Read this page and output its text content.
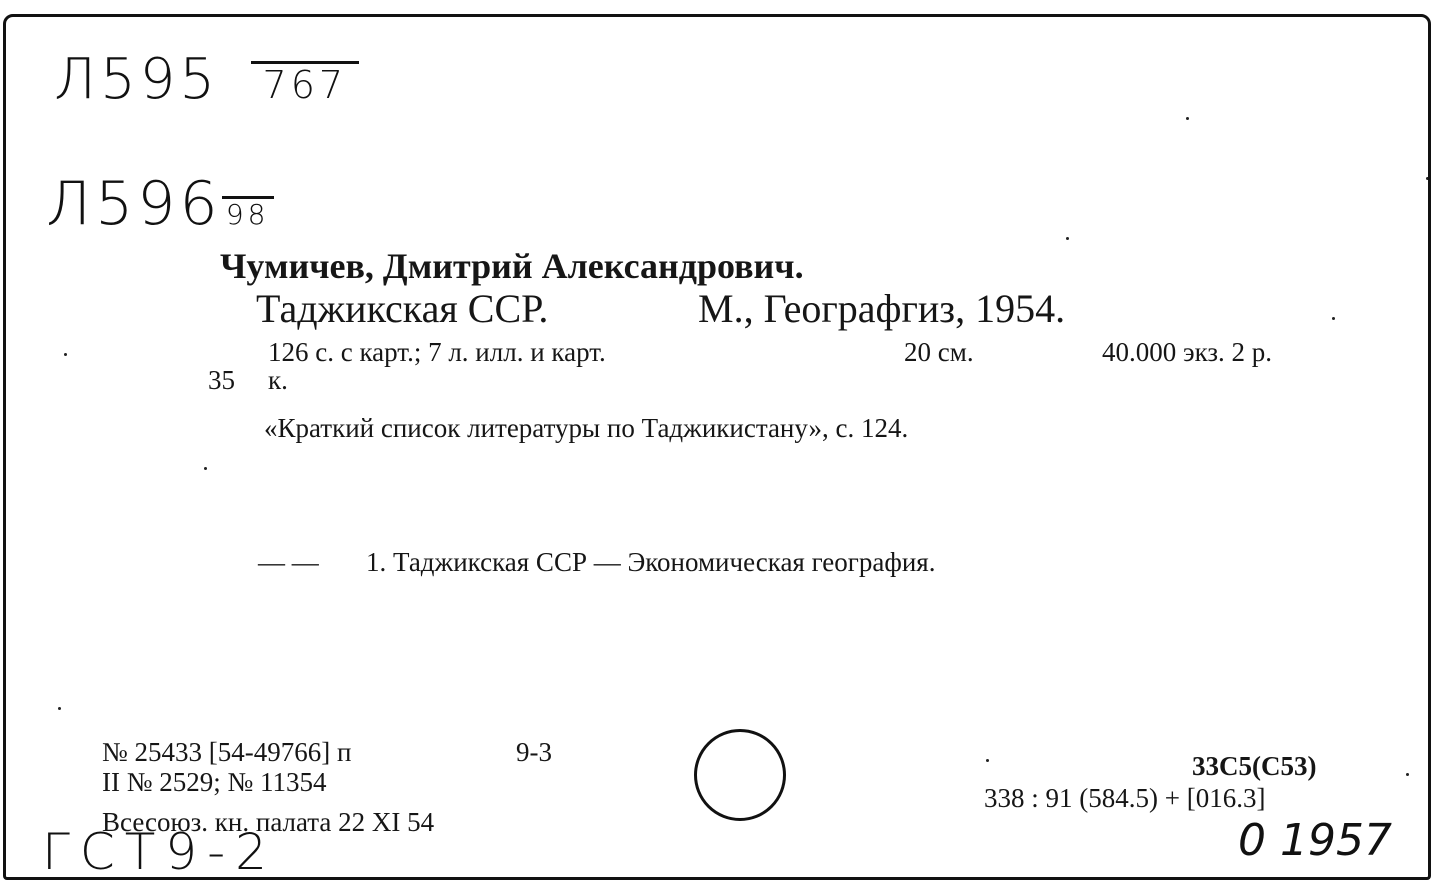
Л595
	767
Л596
98
Чумичев, Дмитрий Александрович.
Таджикская ССР.	М., Географгиз, 1954.
126 с. с карт.; 7 л. илл. и карт.	20 см.	40.000 экз. 2 р.
35 к.
«Краткий список литературы по Таджикистану», с. 124.
— — 1. Таджикская ССР — Экономическая география.
№ 25433 [54-49766] п	9-3
II № 2529; № 11354
Всесоюз. кн. палата 22 XI 54
33С5(С53)
338 : 91 (584.5) + [016.3]
ГСТ9-2	0 1957
